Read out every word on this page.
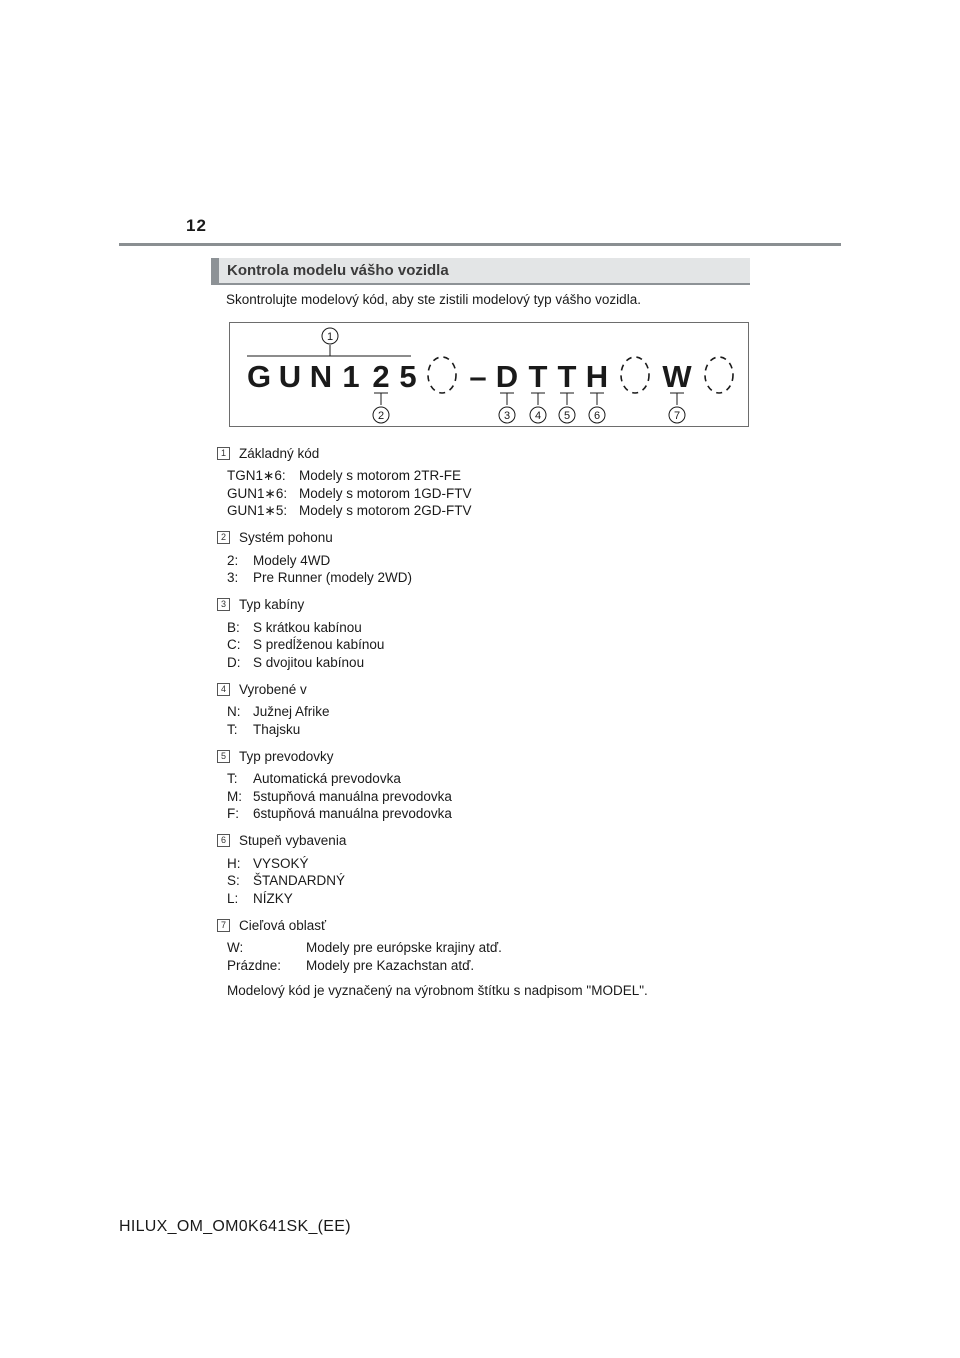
12
Kontrola modelu vášho vozidla
Skontrolujte modelový kód, aby ste zistili modelový typ vášho vozidla.
G U N 1 2 5 – D T T H W
1
2	3 4 5 6	7
1 Základný kód
TGN1∗6: Modely s motorom 2TR-FE
GUN1∗6: Modely s motorom 1GD-FTV
GUN1∗5: Modely s motorom 2GD-FTV
2 Systém pohonu
2:	Modely 4WD
3:	Pre Runner (modely 2WD)
3 Typ kabíny
B: S krátkou kabínou
C: S predĺženou kabínou
D: S dvojitou kabínou
4 Vyrobené v
N: Južnej Afrike
T:	Thajsku
5 Typ prevodovky
T:	Automatická prevodovka
M: 5stupňová manuálna prevodovka
F:	6stupňová manuálna prevodovka
6 Stupeň vybavenia
H: VYSOKÝ
S: ŠTANDARDNÝ
L:	NÍZKY
7 Cieľová oblasť
W:	Modely pre európske krajiny atď.
Prázdne:	Modely pre Kazachstan atď.
Modelový kód je vyznačený na výrobnom štítku s nadpisom "MODEL".
HILUX_OM_OM0K641SK_(EE)
